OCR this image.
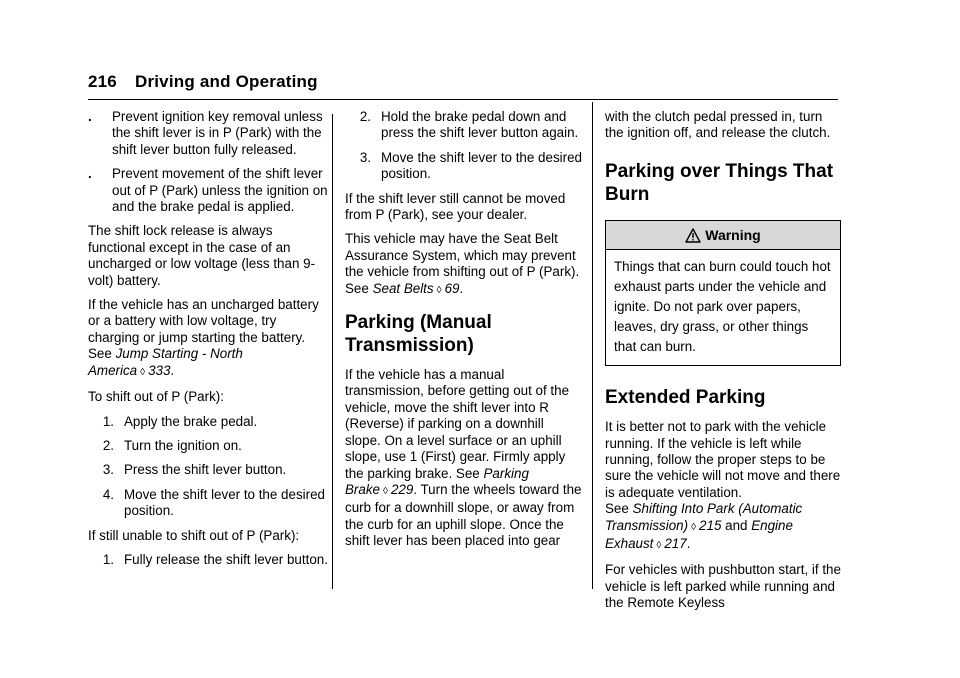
216 Driving and Operating
.	Prevent ignition key removal unless the shift lever is in P (Park) with the shift lever button fully released.
.	Prevent movement of the shift lever out of P (Park) unless the ignition on and the brake pedal is applied.

The shift lock release is always functional except in the case of an uncharged or low voltage (less than 9-volt) battery.

If the vehicle has an uncharged battery or a battery with low voltage, try charging or jump starting the battery. See Jump Starting - North America ◊ 333.

To shift out of P (Park):

1. Apply the brake pedal.
2. Turn the ignition on.
3. Press the shift lever button.
4. Move the shift lever to the desired position.

If still unable to shift out of P (Park):

1. Fully release the shift lever button.
2. Hold the brake pedal down and press the shift lever button again.
3. Move the shift lever to the desired position.

If the shift lever still cannot be moved from P (Park), see your dealer.

This vehicle may have the Seat Belt Assurance System, which may prevent the vehicle from shifting out of P (Park). See Seat Belts ◊ 69.

Parking (Manual Transmission)

If the vehicle has a manual transmission, before getting out of the vehicle, move the shift lever into R (Reverse) if parking on a downhill slope. On a level surface or an uphill slope, use 1 (First) gear. Firmly apply the parking brake. See Parking Brake ◊ 229. Turn the wheels toward the curb for a downhill slope, or away from the curb for an uphill slope. Once the shift lever has been placed into gear

with the clutch pedal pressed in, turn the ignition off, and release the clutch.

Parking over Things That Burn
Warning
Things that can burn could touch hot exhaust parts under the vehicle and ignite. Do not park over papers, leaves, dry grass, or other things that can burn.
Extended Parking

It is better not to park with the vehicle running. If the vehicle is left while running, follow the proper steps to be sure the vehicle will not move and there is adequate ventilation.
See Shifting Into Park (Automatic Transmission) ◊ 215 and Engine Exhaust ◊ 217.

For vehicles with pushbutton start, if the vehicle is left parked while running and the Remote Keyless
